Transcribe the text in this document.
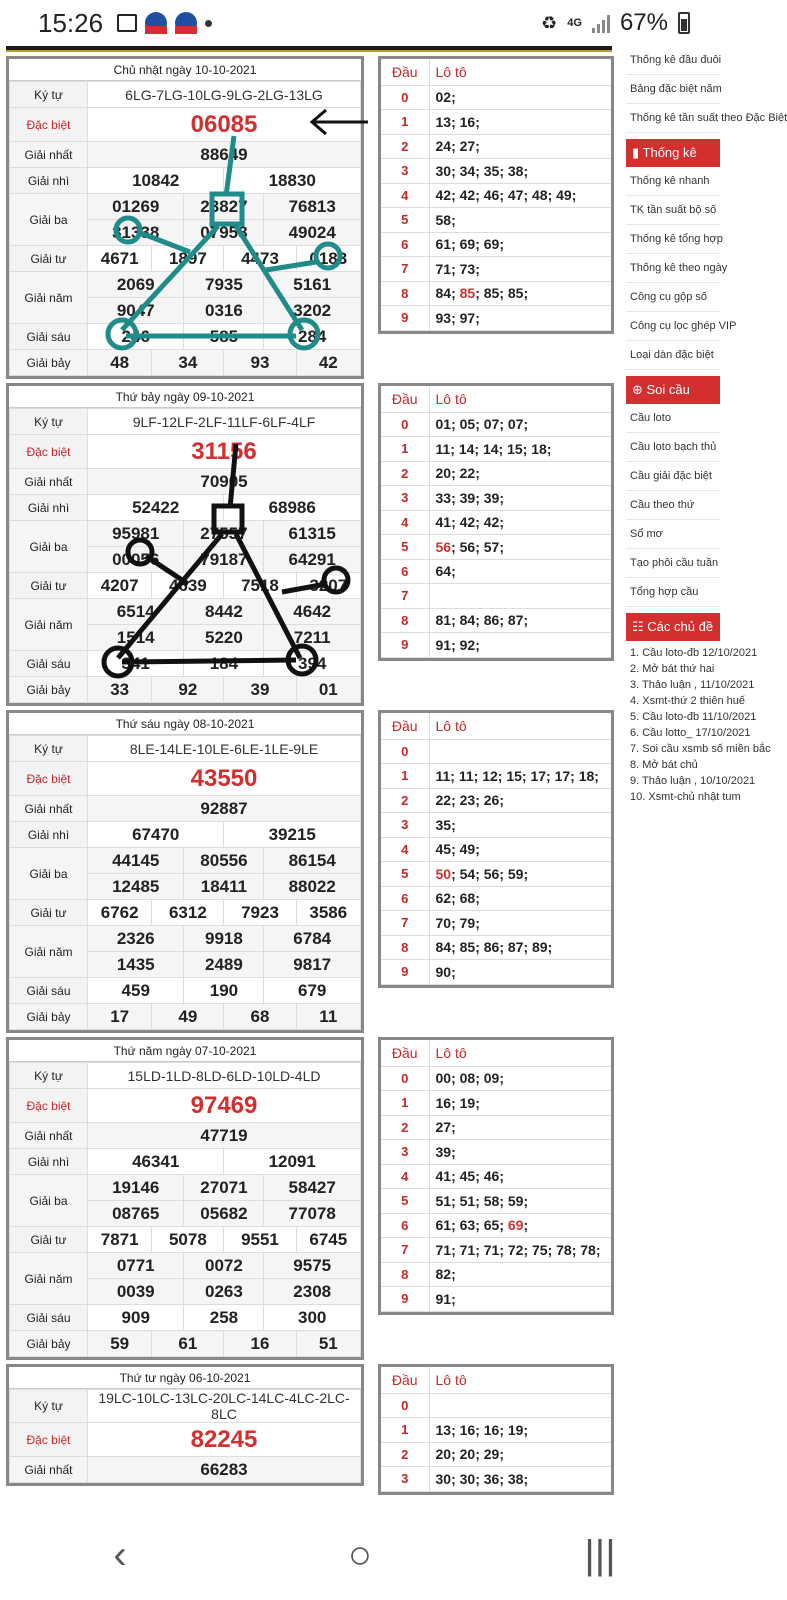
15:26	♻ 4G 67%
Chủ nhật ngày 10-10-2021
Ký tự	6LG-7LG-10LG-9LG-2LG-13LG					
Đặc biệt	06085					
Giải nhất	88649					
Giải nhì	10842			18830		
Giải ba	01269		23827		76813	
	31338		07958		49024	
Giải tư	4671	1897		4473		0183
Giải năm	2069		7935		5161	
	9047		0316		3202	
Giải sáu	246		585		284	
Giải bảy	48	34		93		42
Đầu	Lô tô
0	02;
1	13; 16;
2	24; 27;
3	30; 34; 35; 38;
4	42; 42; 46; 47; 48; 49;
5	58;
6	61; 69; 69;
7	71; 73;
8	84; 85; 85; 85;
9	93; 97;
Thứ bảy ngày 09-10-2021
Ký tự	9LF-12LF-2LF-11LF-6LF-4LF					
Đặc biệt	31156					
Giải nhất	70905					
Giải nhì	52422			68986		
Giải ba	95981		27557		61315	
	00056		79187		64291	
Giải tư	4207	4639		7518		3207
Giải năm	6514		8442		4642	
	1514		5220		7211	
Giải sáu	341		184		394	
Giải bảy	33	92		39		01
Đầu	Lô tô
0	01; 05; 07; 07;
1	11; 14; 14; 15; 18;
2	20; 22;
3	33; 39; 39;
4	41; 42; 42;
5	56; 56; 57;
6	64;
7	
8	81; 84; 86; 87;
9	91; 92;
Thứ sáu ngày 08-10-2021
Ký tự	8LE-14LE-10LE-6LE-1LE-9LE					
Đặc biệt	43550					
Giải nhất	92887					
Giải nhì	67470			39215		
Giải ba	44145		80556		86154	
	12485		18411		88022	
Giải tư	6762	6312		7923		3586
Giải năm	2326		9918		6784	
	1435		2489		9817	
Giải sáu	459		190		679	
Giải bảy	17	49		68		11
Đầu	Lô tô
0	
1	11; 11; 12; 15; 17; 17; 18;
2	22; 23; 26;
3	35;
4	45; 49;
5	50; 54; 56; 59;
6	62; 68;
7	70; 79;
8	84; 85; 86; 87; 89;
9	90;
Thứ năm ngày 07-10-2021
Ký tự	15LD-1LD-8LD-6LD-10LD-4LD					
Đặc biệt	97469					
Giải nhất	47719					
Giải nhì	46341			12091		
Giải ba	19146		27071		58427	
	08765		05682		77078	
Giải tư	7871	5078		9551		6745
Giải năm	0771		0072		9575	
	0039		0263		2308	
Giải sáu	909		258		300	
Giải bảy	59	61		16		51
Đầu	Lô tô
0	00; 08; 09;
1	16; 19;
2	27;
3	39;
4	41; 45; 46;
5	51; 51; 58; 59;
6	61; 63; 65; 69;
7	71; 71; 71; 72; 75; 78; 78;
8	82;
9	91;
Thứ tư ngày 06-10-2021
Ký tự	19LC-10LC-13LC-20LC-14LC-4LC-2LC-8LC
Đặc biệt	82245
Giải nhất	66283
Đầu	Lô tô
0	
1	13; 16; 16; 19;
2	20; 20; 29;
3	30; 30; 36; 38;
Thống kê đầu đuôi
Bảng đặc biệt năm
Thống kê tần suất theo Đặc Biệt
▮ Thống kê
Thống kê nhanh
TK tần suất bộ số
Thống kê tổng hợp
Thống kê theo ngày
Công cụ gộp số
Công cụ lọc ghép VIP
Loại dàn đặc biệt
⊕ Soi cầu
Cầu loto
Cầu loto bạch thủ
Cầu giải đặc biệt
Cầu theo thứ
Sổ mơ
Tạo phôi cầu tuần
Tổng hợp cầu
☷ Các chủ đề
1. Cầu loto-đb 12/10/2021
2. Mở bát thứ hai
3. Thảo luận , 11/10/2021
4. Xsmt-thứ 2 thiên huế
5. Cầu loto-đb 11/10/2021
6. Cầu lotto_ 17/10/2021
7. Soi cầu xsmb số miền bắc
8. Mở bát chủ
9. Thảo luận , 10/10/2021
10. Xsmt-chủ nhật tum
‹	○	|||
